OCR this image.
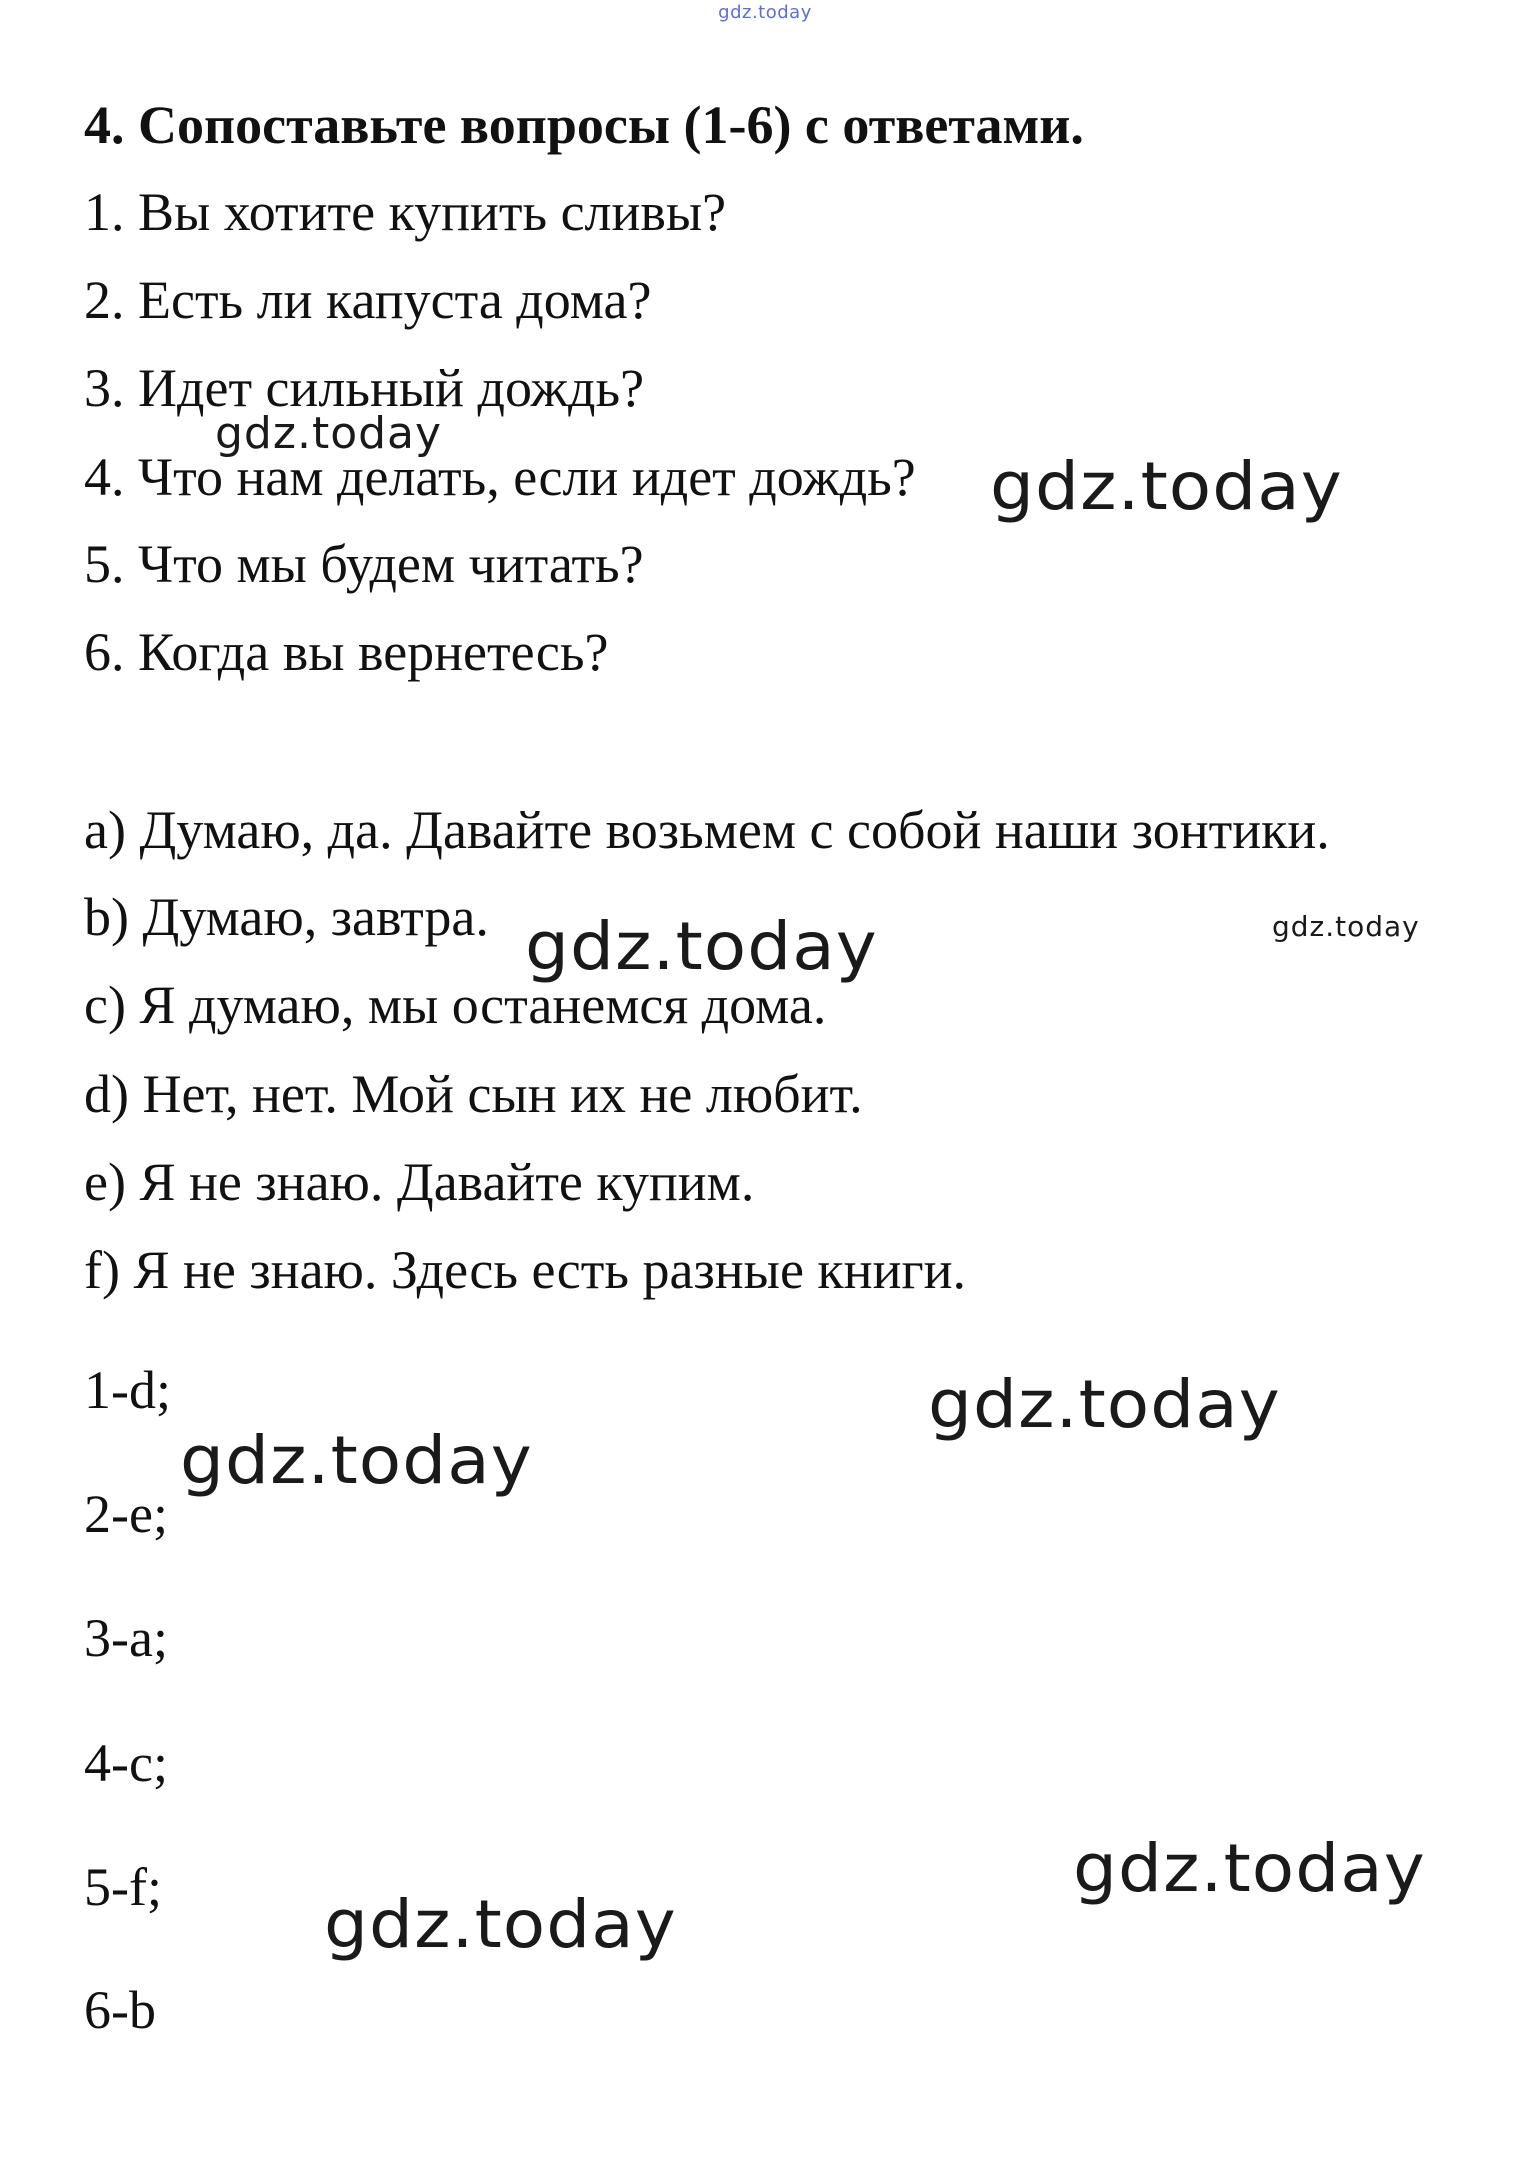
gdz.today
4. Сопоставьте вопросы (1-6) с ответами.
1. Вы хотите купить сливы?
2. Есть ли капуста дома?
3. Идет сильный дождь?
4. Что нам делать, если идет дождь?
5. Что мы будем читать?
6. Когда вы вернетесь?
a) Думаю, да. Давайте возьмем с собой наши зонтики.
b) Думаю, завтра.
c) Я думаю, мы останемся дома.
d) Нет, нет. Мой сын их не любит.
e) Я не знаю. Давайте купим.
f) Я не знаю. Здесь есть разные книги.
1-d;
2-e;
3-a;
4-c;
5-f;
6-b
gdz.today
gdz.today
gdz.today	gdz.today
gdz.today
gdz.today
gdz.today
gdz.today
